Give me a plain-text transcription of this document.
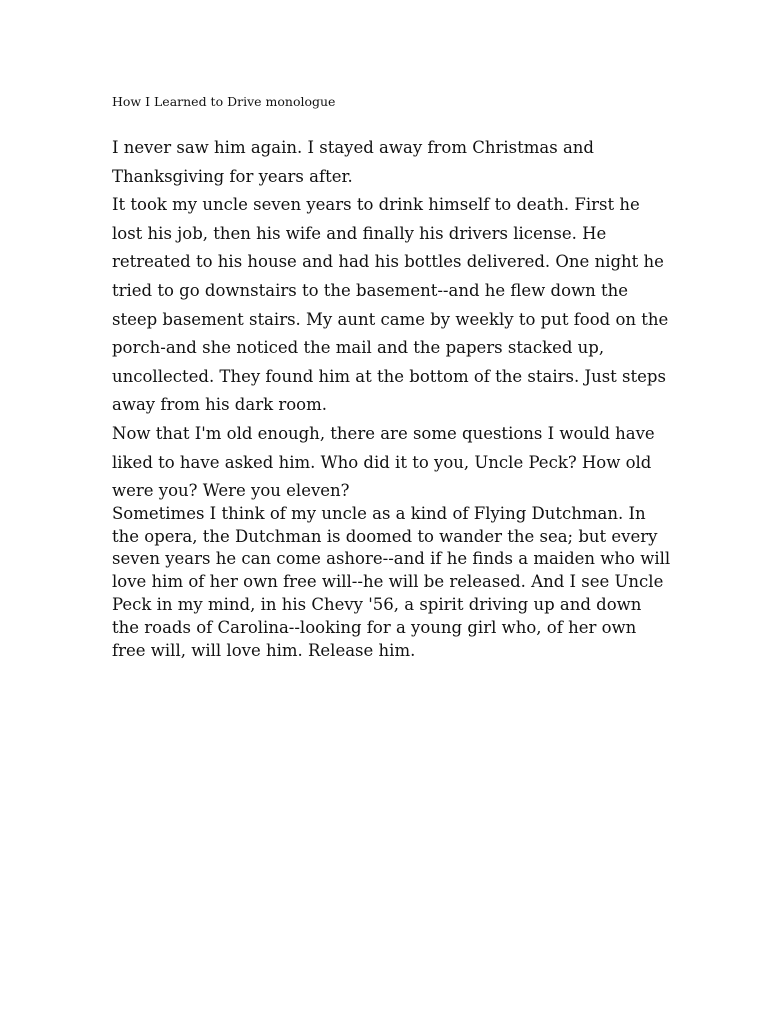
How I Learned to Drive monologue

I never saw him again. I stayed away from Christmas and Thanksgiving for years after.

It took my uncle seven years to drink himself to death. First he lost his job, then his wife and finally his drivers license. He retreated to his house and had his bottles delivered. One night he tried to go downstairs to the basement--and he flew down the steep basement stairs. My aunt came by weekly to put food on the porch-and she noticed the mail and the papers stacked up, uncollected. They found him at the bottom of the stairs. Just steps away from his dark room.

Now that I'm old enough, there are some questions I would have liked to have asked him. Who did it to you, Uncle Peck? How old were you? Were you eleven?

Sometimes I think of my uncle as a kind of Flying Dutchman. In the opera, the Dutchman is doomed to wander the sea; but every seven years he can come ashore--and if he finds a maiden who will love him of her own free will--he will be released. And I see Uncle Peck in my mind, in his Chevy '56, a spirit driving up and down the roads of Carolina--looking for a young girl who, of her own free will, will love him. Release him.
